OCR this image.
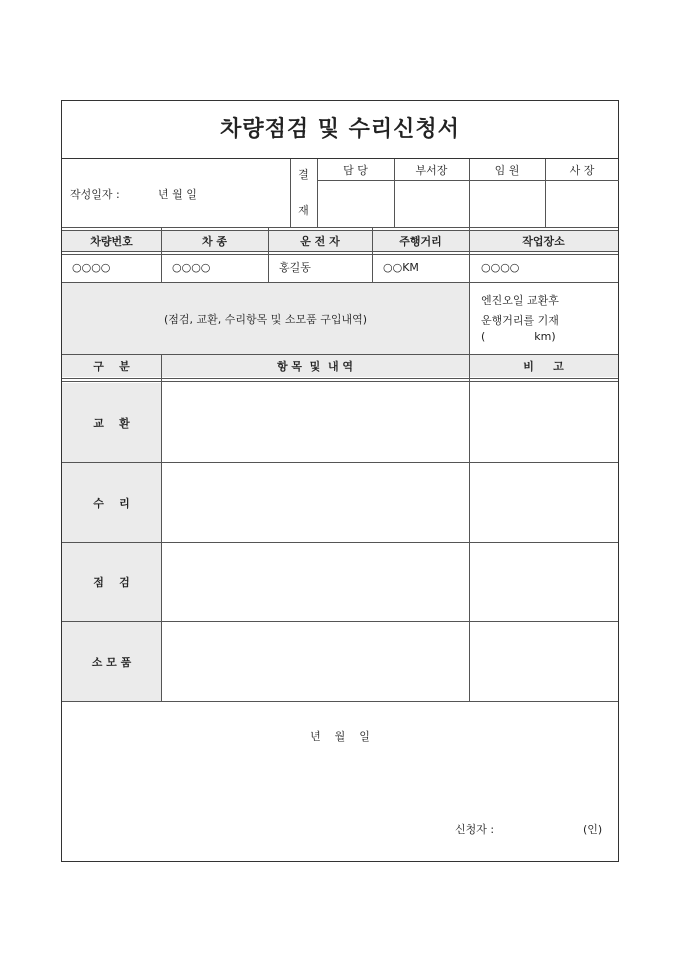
차량점검 및 수리신청서
작성일자 :	년 월 일
결
재
담 당	부서장	임 원	사 장
차량번호	차 종	운 전 자	주행거리	작업장소
○○○○	○○○○	홍길동	○○KM	○○○○
(점검, 교환, 수리항목 및 소모품 구입내역)
엔진오일 교환후
운행거리를 기재
(              km)
구    분	항 목  및  내 역	비     고
교    환
수    리
점    검
소 모 품
년    월    일
신청자 :	(인)
